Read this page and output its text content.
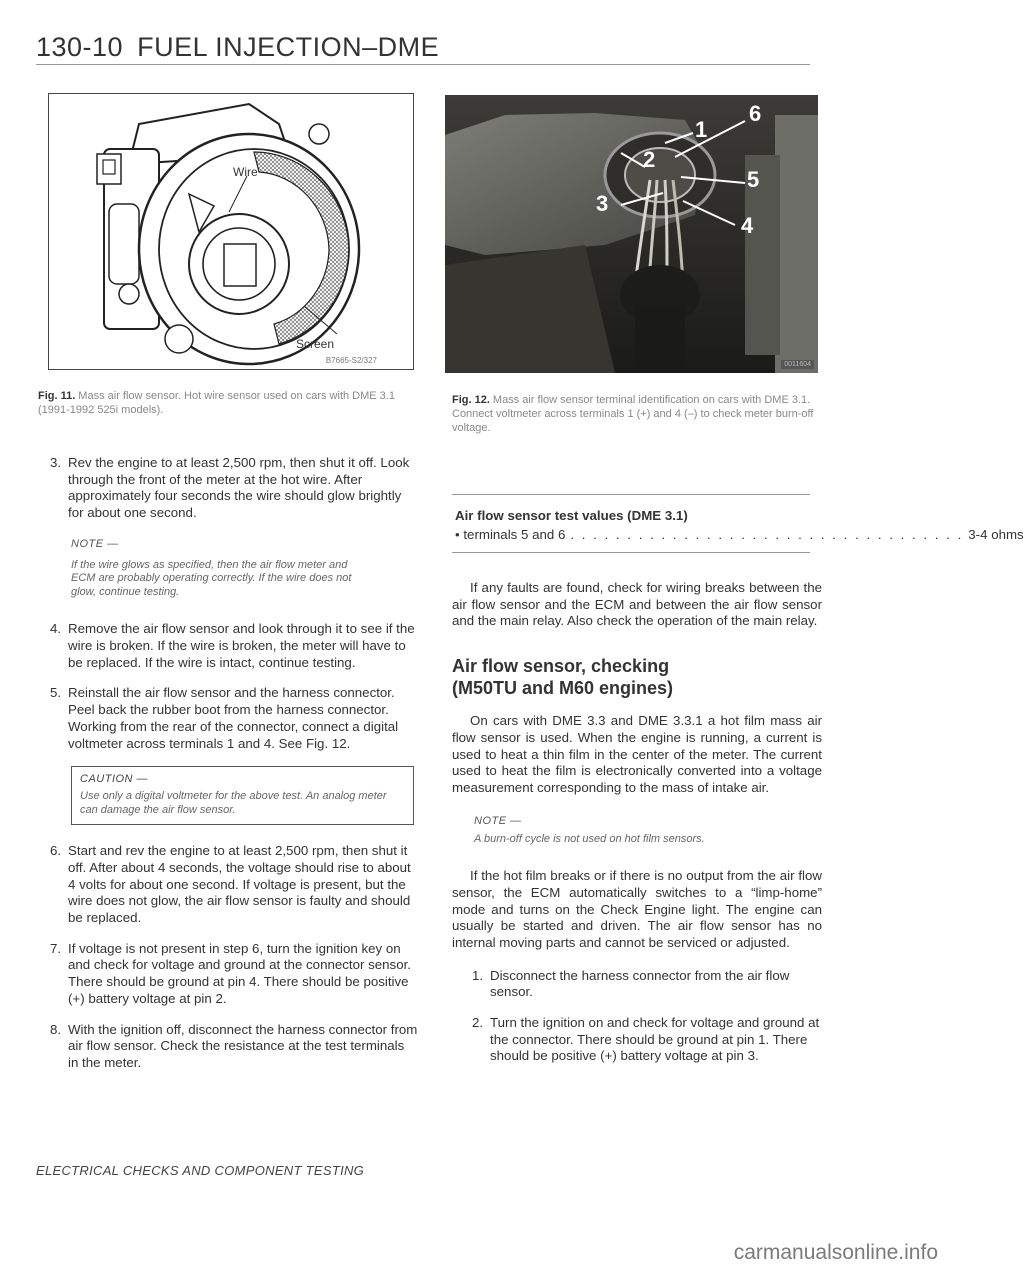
130-10 FUEL INJECTION–DME
Wire
Screen
B7665-S2/327
Fig. 11. Mass air flow sensor. Hot wire sensor used on cars with DME 3.1 (1991-1992 525i models).
1
2
3
4
5
6
0011604
Fig. 12. Mass air flow sensor terminal identification on cars with DME 3.1. Connect voltmeter across terminals 1 (+) and 4 (–) to check meter burn-off voltage.

3. Rev the engine to at least 2,500 rpm, then shut it off. Look through the front of the meter at the hot wire. After approximately four seconds the wire should glow brightly for about one second.

NOTE —
If the wire glows as specified, then the air flow meter and ECM are probably operating correctly. If the wire does not glow, continue testing.

4. Remove the air flow sensor and look through it to see if the wire is broken. If the wire is broken, the meter will have to be replaced. If the wire is intact, continue testing.

5. Reinstall the air flow sensor and the harness connector. Peel back the rubber boot from the harness connector. Working from the rear of the connector, connect a digital voltmeter across terminals 1 and 4. See Fig. 12.

CAUTION —
Use only a digital voltmeter for the above test. An analog meter can damage the air flow sensor.

6. Start and rev the engine to at least 2,500 rpm, then shut it off. After about 4 seconds, the voltage should rise to about 4 volts for about one second. If voltage is present, but the wire does not glow, the air flow sensor is faulty and should be replaced.

7. If voltage is not present in step 6, turn the ignition key on and check for voltage and ground at the connector sensor. There should be ground at pin 4. There should be positive (+) battery voltage at pin 2.

8. With the ignition off, disconnect the harness connector from air flow sensor. Check the resistance at the test terminals in the meter.

Air flow sensor test values (DME 3.1)
• terminals 5 and 6 . . . . . . . . . . . . . . . . . . . . . . . . . . . . . . . . . . . 3-4 ohms

If any faults are found, check for wiring breaks between the air flow sensor and the ECM and between the air flow sensor and the main relay. Also check the operation of the main relay.

Air flow sensor, checking
(M50TU and M60 engines)

On cars with DME 3.3 and DME 3.3.1 a hot film mass air flow sensor is used. When the engine is running, a current is used to heat a thin film in the center of the meter. The current used to heat the film is electronically converted into a voltage measurement corresponding to the mass of intake air.

NOTE —
A burn-off cycle is not used on hot film sensors.

If the hot film breaks or if there is no output from the air flow sensor, the ECM automatically switches to a “limp-home” mode and turns on the Check Engine light. The engine can usually be started and driven. The air flow sensor has no internal moving parts and cannot be serviced or adjusted.

1. Disconnect the harness connector from the air flow sensor.

2. Turn the ignition on and check for voltage and ground at the connector. There should be ground at pin 1. There should be positive (+) battery voltage at pin 3.

ELECTRICAL CHECKS AND COMPONENT TESTING
carmanualsonline.info
